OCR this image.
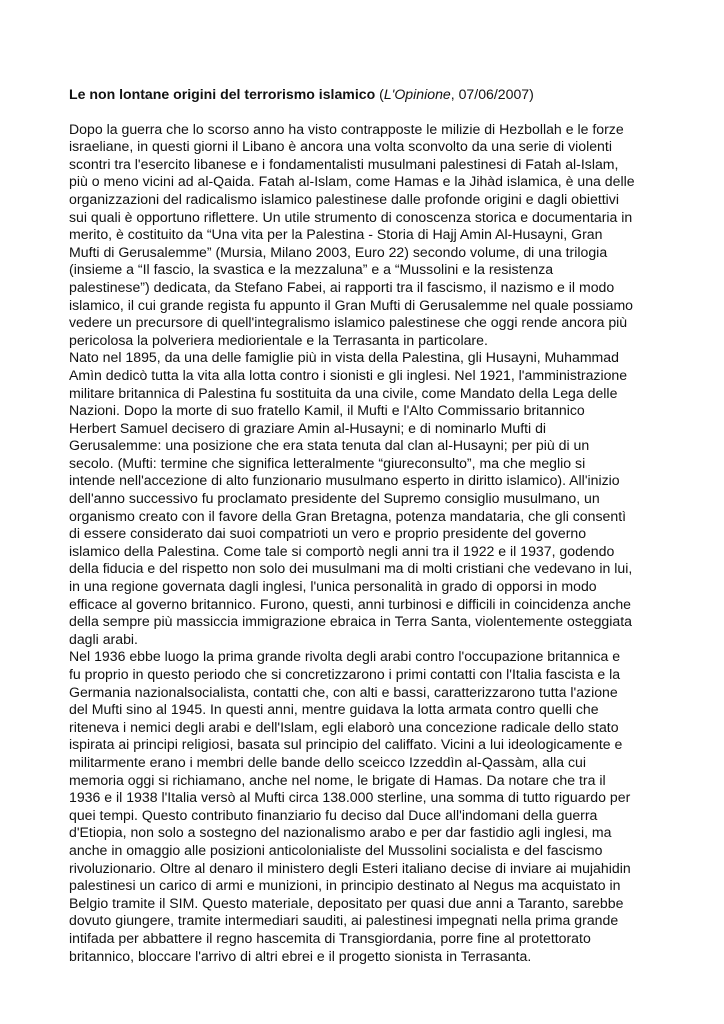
Le non lontane origini del terrorismo islamico (L'Opinione, 07/06/2007)
Dopo la guerra che lo scorso anno ha visto contrapposte le milizie di Hezbollah e le forze
israeliane, in questi giorni il Libano è ancora una volta sconvolto da una serie di violenti
scontri tra l'esercito libanese e i fondamentalisti musulmani palestinesi di Fatah al-Islam,
più o meno vicini ad al-Qaida. Fatah al-Islam, come Hamas e la Jihàd islamica, è una delle
organizzazioni del radicalismo islamico palestinese dalle profonde origini e dagli obiettivi
sui quali è opportuno riflettere. Un utile strumento di conoscenza storica e documentaria in
merito, è costituito da “Una vita per la Palestina - Storia di Hajj Amin Al-Husayni, Gran
Mufti di Gerusalemme” (Mursia, Milano 2003, Euro 22) secondo volume, di una trilogia
(insieme a “Il fascio, la svastica e la mezzaluna” e a “Mussolini e la resistenza
palestinese”) dedicata, da Stefano Fabei, ai rapporti tra il fascismo, il nazismo e il modo
islamico, il cui grande regista fu appunto il Gran Mufti di Gerusalemme nel quale possiamo
vedere un precursore di quell'integralismo islamico palestinese che oggi rende ancora più
pericolosa la polveriera mediorientale e la Terrasanta in particolare.
Nato nel 1895, da una delle famiglie più in vista della Palestina, gli Husayni, Muhammad
Amìn dedicò tutta la vita alla lotta contro i sionisti e gli inglesi. Nel 1921, l'amministrazione
militare britannica di Palestina fu sostituita da una civile, come Mandato della Lega delle
Nazioni. Dopo la morte di suo fratello Kamil, il Mufti e l'Alto Commissario britannico
Herbert Samuel decisero di graziare Amin al-Husayni; e di nominarlo Mufti di
Gerusalemme: una posizione che era stata tenuta dal clan al-Husayni; per più di un
secolo. (Mufti: termine che significa letteralmente “giureconsulto”, ma che meglio si
intende nell'accezione di alto funzionario musulmano esperto in diritto islamico). All'inizio
dell'anno successivo fu proclamato presidente del Supremo consiglio musulmano, un
organismo creato con il favore della Gran Bretagna, potenza mandataria, che gli consentì
di essere considerato dai suoi compatrioti un vero e proprio presidente del governo
islamico della Palestina. Come tale si comportò negli anni tra il 1922 e il 1937, godendo
della fiducia e del rispetto non solo dei musulmani ma di molti cristiani che vedevano in lui,
in una regione governata dagli inglesi, l'unica personalità in grado di opporsi in modo
efficace al governo britannico. Furono, questi, anni turbinosi e difficili in coincidenza anche
della sempre più massiccia immigrazione ebraica in Terra Santa, violentemente osteggiata
dagli arabi.
Nel 1936 ebbe luogo la prima grande rivolta degli arabi contro l'occupazione britannica e
fu proprio in questo periodo che si concretizzarono i primi contatti con l'Italia fascista e la
Germania nazionalsocialista, contatti che, con alti e bassi, caratterizzarono tutta l'azione
del Mufti sino al 1945. In questi anni, mentre guidava la lotta armata contro quelli che
riteneva i nemici degli arabi e dell'Islam, egli elaborò una concezione radicale dello stato
ispirata ai principi religiosi, basata sul principio del califfato. Vicini a lui ideologicamente e
militarmente erano i membri delle bande dello sceicco Izzeddìn al-Qassàm, alla cui
memoria oggi si richiamano, anche nel nome, le brigate di Hamas. Da notare che tra il
1936 e il 1938 l'Italia versò al Mufti circa 138.000 sterline, una somma di tutto riguardo per
quei tempi. Questo contributo finanziario fu deciso dal Duce all'indomani della guerra
d'Etiopia, non solo a sostegno del nazionalismo arabo e per dar fastidio agli inglesi, ma
anche in omaggio alle posizioni anticolonialiste del Mussolini socialista e del fascismo
rivoluzionario. Oltre al denaro il ministero degli Esteri italiano decise di inviare ai mujahidin
palestinesi un carico di armi e munizioni, in principio destinato al Negus ma acquistato in
Belgio tramite il SIM. Questo materiale, depositato per quasi due anni a Taranto, sarebbe
dovuto giungere, tramite intermediari sauditi, ai palestinesi impegnati nella prima grande
intifada per abbattere il regno hascemita di Transgiordania, porre fine al protettorato
britannico, bloccare l'arrivo di altri ebrei e il progetto sionista in Terrasanta.
